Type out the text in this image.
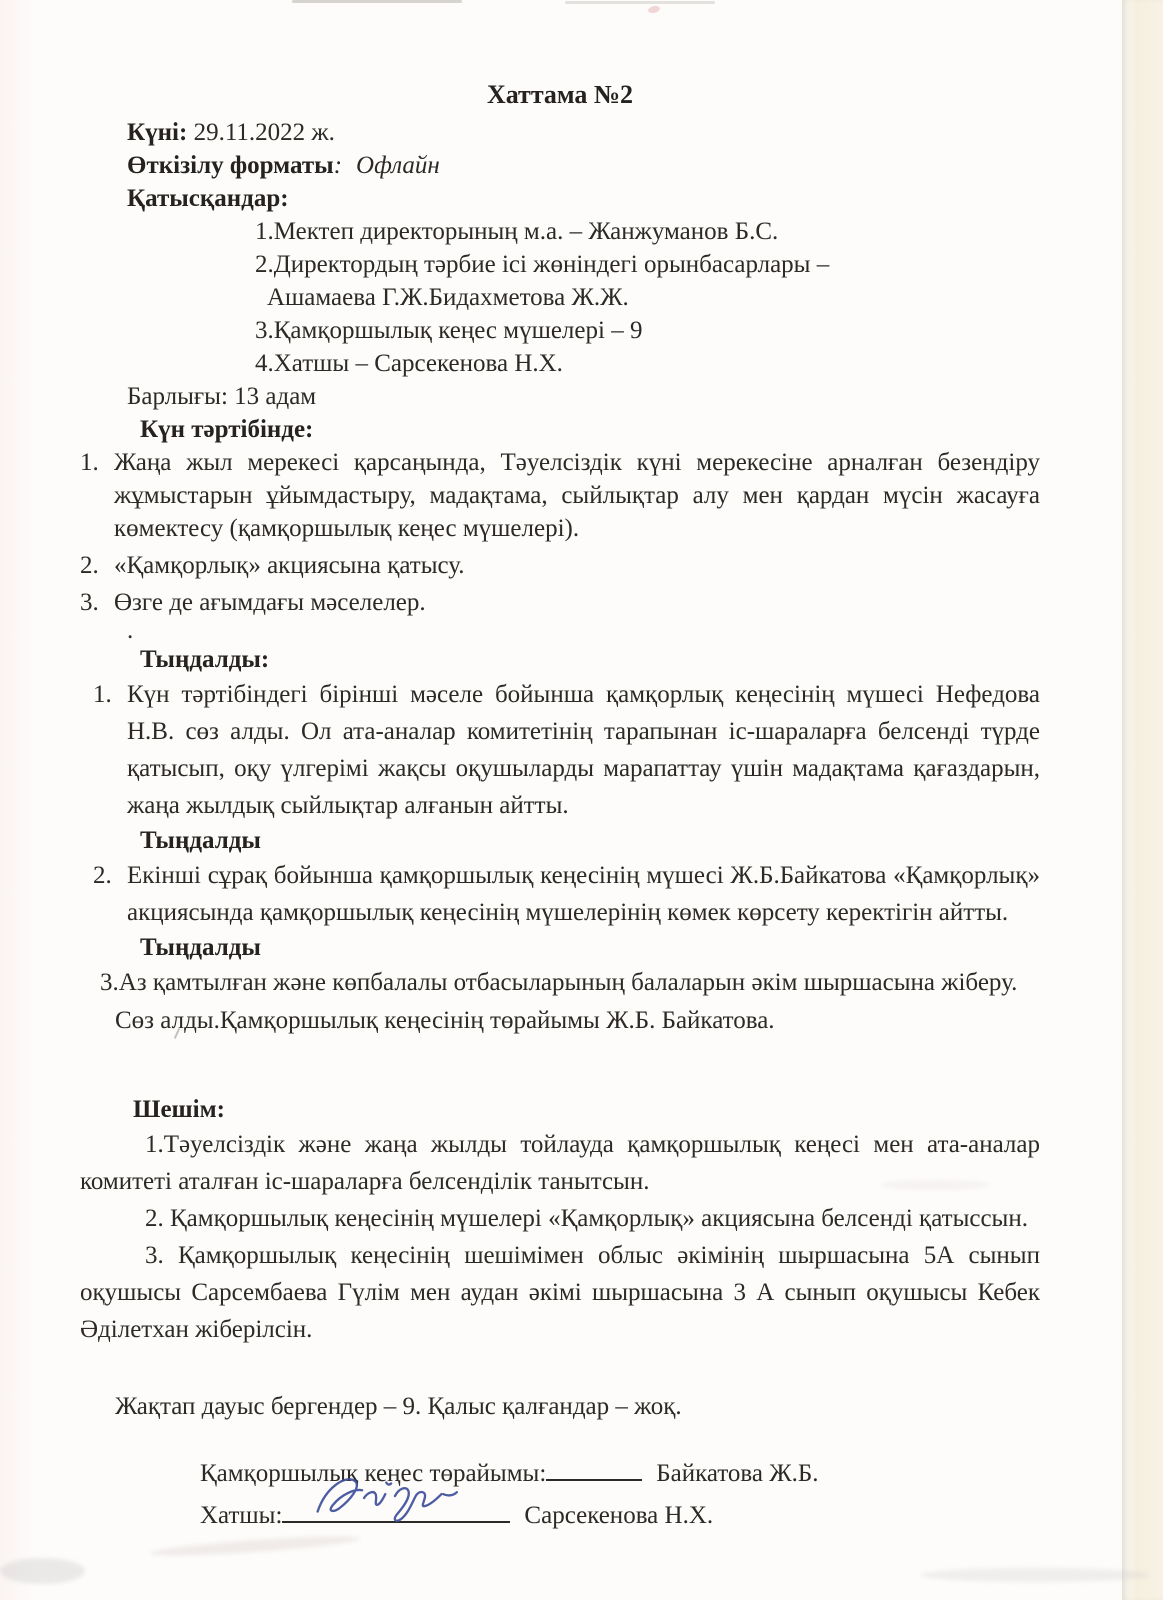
Хаттама №2

Күні: 29.11.2022 ж.

Өткізілу форматы: Офлайн

Қатысқандар:

1.Мектеп директорының м.а. – Жанжуманов Б.С.

2.Директордың тәрбие ісі жөніндегі орынбасарлары –

Ашамаева Г.Ж.Бидахметова Ж.Ж.

3.Қамқоршылық кеңес мүшелері – 9

4.Хатшы – Сарсекенова Н.Х.

Барлығы: 13 адам

Күн тәртібінде:

1. Жаңа жыл мерекесі қарсаңында, Тәуелсіздік күні мерекесіне арналған безендіру жұмыстарын ұйымдастыру, мадақтама, сыйлықтар алу мен қардан мүсін жасауға көмектесу (қамқоршылық кеңес мүшелері).
2. «Қамқорлық» акциясына қатысу.
3. Өзге де ағымдағы мәселелер.

.

Тыңдалды:

1. Күн тәртібіндегі бірінші мәселе бойынша қамқорлық кеңесінің мүшесі Нефедова Н.В. сөз алды. Ол ата-аналар комитетінің тарапынан іс-шараларға белсенді түрде қатысып, оқу үлгерімі жақсы оқушыларды марапаттау үшін мадақтама қағаздарын, жаңа жылдық сыйлықтар алғанын айтты.

Тыңдалды

2. Екінші сұрақ бойынша қамқоршылық кеңесінің мүшесі Ж.Б.Байкатова «Қамқорлық» акциясында қамқоршылық кеңесінің мүшелерінің көмек көрсету керектігін айтты.

Тыңдалды

3.Аз қамтылған және көпбалалы отбасыларының балаларын әкім шыршасына жіберу.

Сөз алды.Қамқоршылық кеңесінің төрайымы Ж.Б. Байкатова.

Шешім:

1.Тәуелсіздік және жаңа жылды тойлауда қамқоршылық кеңесі мен ата-аналар комитеті аталған іс-шараларға белсенділік танытсын.

2. Қамқоршылық кеңесінің мүшелері «Қамқорлық» акциясына белсенді қатыссын.

3. Қамқоршылық кеңесінің шешімімен облыс әкімінің шыршасына 5А сынып оқушысы Сарсембаева Гүлім мен аудан әкімі шыршасына 3 А сынып оқушысы Кебек Әділетхан жіберілсін.

Жақтап дауыс бергендер – 9. Қалыс қалғандар – жоқ.

Қамқоршылық кеңес төрайымы:	Байкатова Ж.Б.

Хатшы:	Сарсекенова Н.Х.
